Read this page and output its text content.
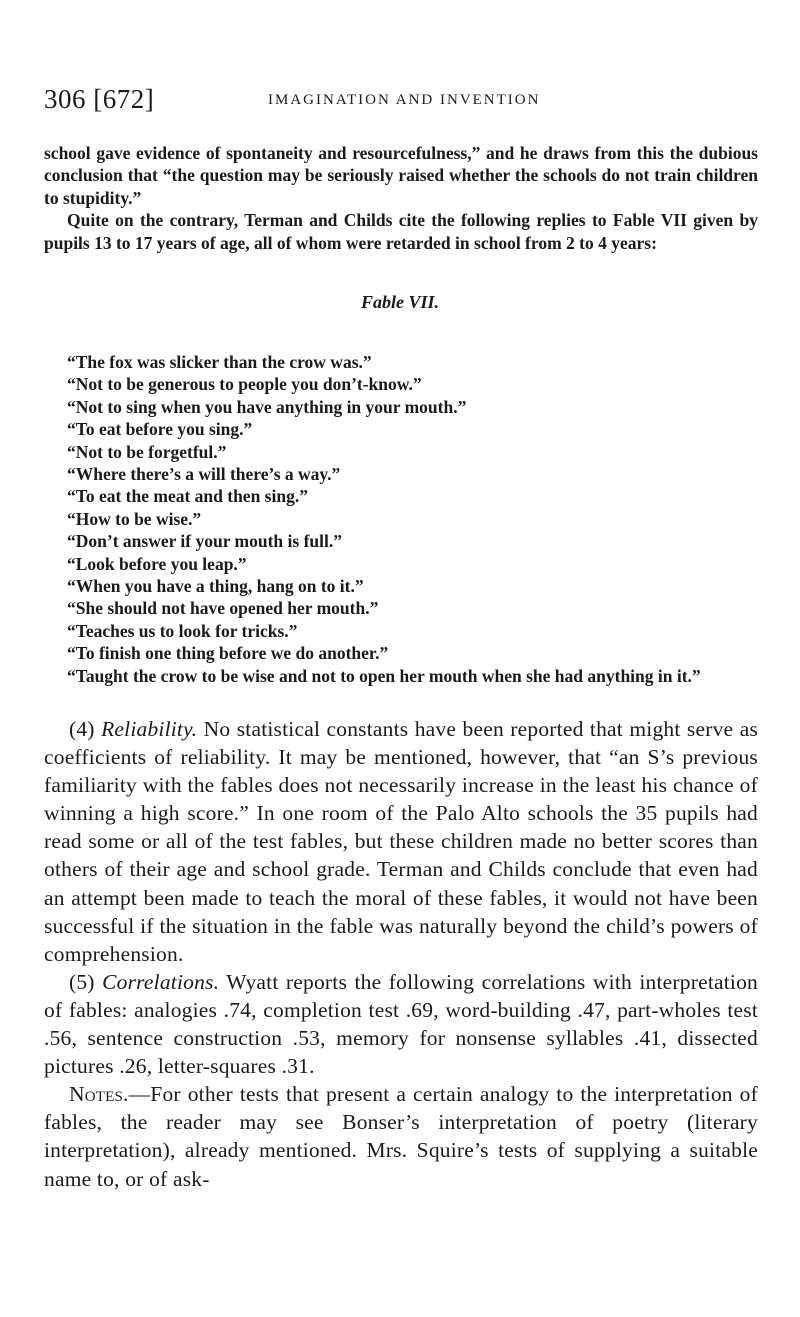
306 [672]	IMAGINATION AND INVENTION

school gave evidence of spontaneity and resourcefulness,” and he draws from this the dubious conclusion that “the question may be seriously raised whether the schools do not train children to stupidity.”

Quite on the contrary, Terman and Childs cite the following replies to Fable VII given by pupils 13 to 17 years of age, all of whom were retarded in school from 2 to 4 years:

Fable VII.
“The fox was slicker than the crow was.”
“Not to be generous to people you don’t-know.”
“Not to sing when you have anything in your mouth.”
“To eat before you sing.”
“Not to be forgetful.”
“Where there’s a will there’s a way.”
“To eat the meat and then sing.”
“How to be wise.”
“Don’t answer if your mouth is full.”
“Look before you leap.”
“When you have a thing, hang on to it.”
“She should not have opened her mouth.”
“Teaches us to look for tricks.”
“To finish one thing before we do another.”
“Taught the crow to be wise and not to open her mouth when she had anything in it.”

(4) Reliability. No statistical constants have been reported that might serve as coefficients of reliability. It may be mentioned, however, that “an S’s previous familiarity with the fables does not necessarily increase in the least his chance of winning a high score.” In one room of the Palo Alto schools the 35 pupils had read some or all of the test fables, but these children made no better scores than others of their age and school grade. Terman and Childs conclude that even had an attempt been made to teach the moral of these fables, it would not have been successful if the situation in the fable was naturally beyond the child’s powers of comprehension.

(5) Correlations. Wyatt reports the following correlations with interpretation of fables: analogies .74, completion test .69, word-building .47, part-wholes test .56, sentence construction .53, memory for nonsense syllables .41, dissected pictures .26, letter-squares .31.

Notes.—For other tests that present a certain analogy to the interpretation of fables, the reader may see Bonser’s interpretation of poetry (literary interpretation), already mentioned. Mrs. Squire’s tests of supplying a suitable name to, or of ask-
